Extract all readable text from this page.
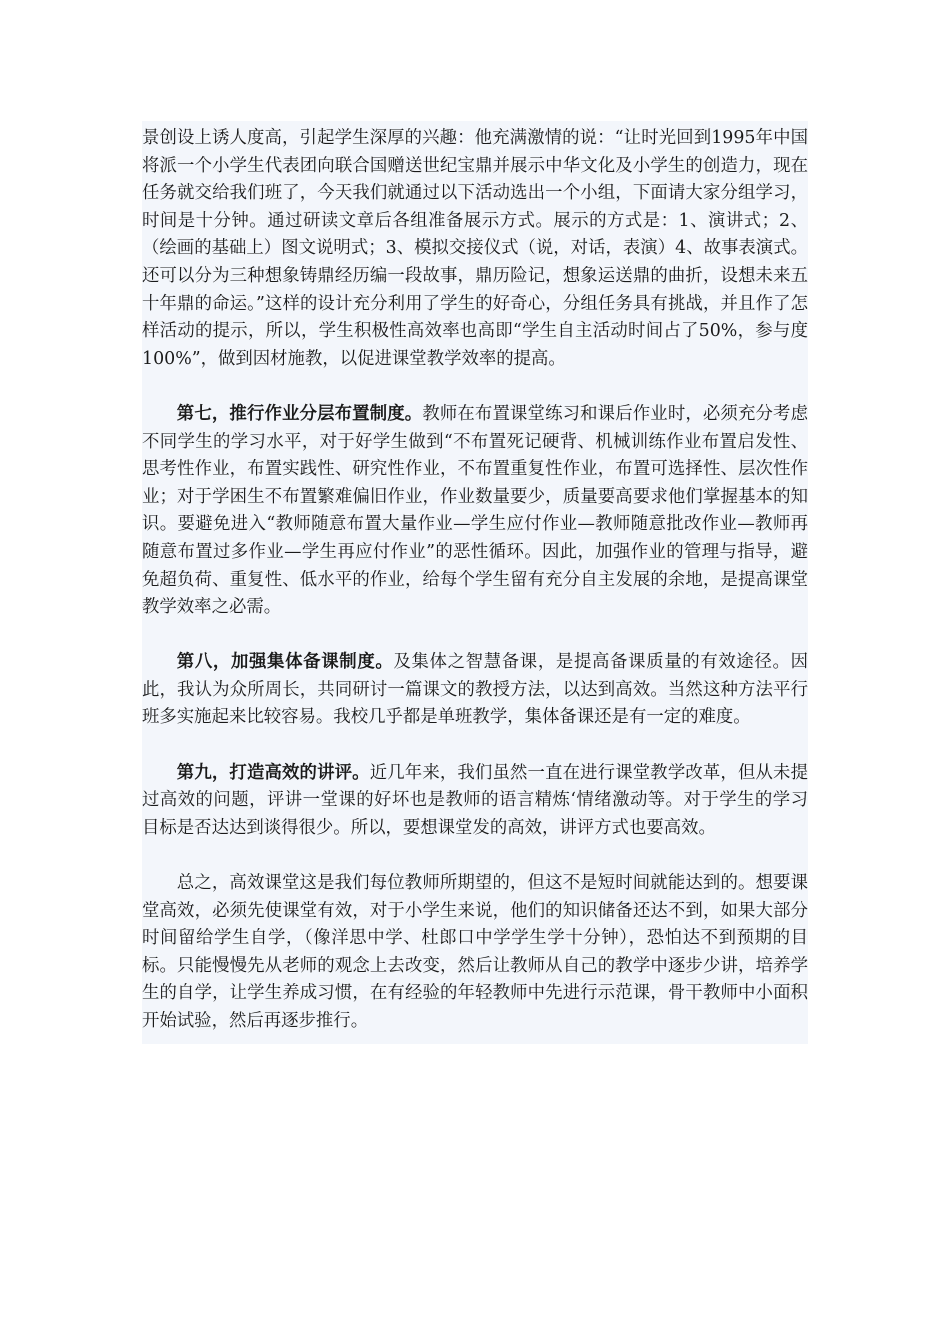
景创设上诱人度高，引起学生深厚的兴趣：他充满激情的说：“让时光回到1995年中国将派一个小学生代表团向联合国赠送世纪宝鼎并展示中华文化及小学生的创造力，现在任务就交给我们班了，今天我们就通过以下活动选出一个小组，下面请大家分组学习，时间是十分钟。通过研读文章后各组准备展示方式。展示的方式是：1、演讲式；2、（绘画的基础上）图文说明式；3、模拟交接仪式（说，对话，表演）4、故事表演式。还可以分为三种想象铸鼎经历编一段故事，鼎历险记，想象运送鼎的曲折，设想未来五十年鼎的命运。”这样的设计充分利用了学生的好奇心，分组任务具有挑战，并且作了怎样活动的提示，所以，学生积极性高效率也高即“学生自主活动时间占了50%，参与度100%”，做到因材施教，以促进课堂教学效率的提高。

第七，推行作业分层布置制度。教师在布置课堂练习和课后作业时，必须充分考虑不同学生的学习水平，对于好学生做到“不布置死记硬背、机械训练作业布置启发性、思考性作业，布置实践性、研究性作业，不布置重复性作业，布置可选择性、层次性作业；对于学困生不布置繁难偏旧作业，作业数量要少，质量要高要求他们掌握基本的知识。要避免进入“教师随意布置大量作业—学生应付作业—教师随意批改作业—教师再随意布置过多作业—学生再应付作业”的恶性循环。因此，加强作业的管理与指导，避免超负荷、重复性、低水平的作业，给每个学生留有充分自主发展的余地，是提高课堂教学效率之必需。

第八，加强集体备课制度。及集体之智慧备课，是提高备课质量的有效途径。因此，我认为众所周长，共同研讨一篇课文的教授方法，以达到高效。当然这种方法平行班多实施起来比较容易。我校几乎都是单班教学，集体备课还是有一定的难度。

第九，打造高效的讲评。近几年来，我们虽然一直在进行课堂教学改革，但从未提过高效的问题，评讲一堂课的好坏也是教师的语言精炼‘情绪激动等。对于学生的学习目标是否达达到谈得很少。所以，要想课堂发的高效，讲评方式也要高效。

总之，高效课堂这是我们每位教师所期望的，但这不是短时间就能达到的。想要课堂高效，必须先使课堂有效，对于小学生来说，他们的知识储备还达不到，如果大部分时间留给学生自学，（像洋思中学、杜郎口中学学生学十分钟），恐怕达不到预期的目标。只能慢慢先从老师的观念上去改变，然后让教师从自己的教学中逐步少讲，培养学生的自学，让学生养成习惯，在有经验的年轻教师中先进行示范课，骨干教师中小面积开始试验，然后再逐步推行。
